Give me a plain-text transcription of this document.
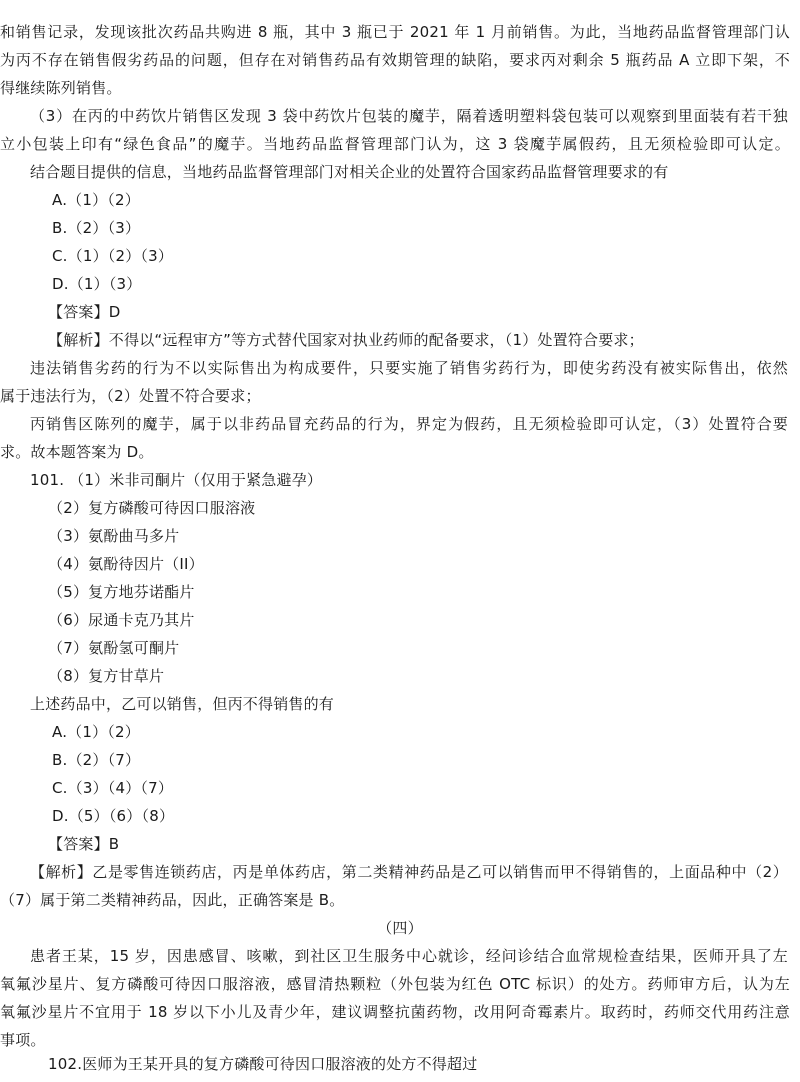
和销售记录，发现该批次药品共购进 8 瓶，其中 3 瓶已于 2021 年 1 月前销售。为此，当地药品监督管理部门认
为丙不存在销售假劣药品的问题，但存在对销售药品有效期管理的缺陷，要求丙对剩余 5 瓶药品 A 立即下架，不
得继续陈列销售。
（3）在丙的中药饮片销售区发现 3 袋中药饮片包装的魔芋，隔着透明塑料袋包装可以观察到里面装有若干独
立小包装上印有“绿色食品”的魔芋。当地药品监督管理部门认为，这 3 袋魔芋属假药，且无须检验即可认定。
结合题目提供的信息，当地药品监督管理部门对相关企业的处置符合国家药品监督管理要求的有
A.（1）（2）
B.（2）（3）
C.（1）（2）（3）
D.（1）（3）
【答案】D
【解析】不得以“远程审方”等方式替代国家对执业药师的配备要求，（1）处置符合要求；
违法销售劣药的行为不以实际售出为构成要件，只要实施了销售劣药行为，即使劣药没有被实际售出，依然
属于违法行为，（2）处置不符合要求；
丙销售区陈列的魔芋，属于以非药品冒充药品的行为，界定为假药，且无须检验即可认定，（3）处置符合要
求。故本题答案为 D。
101. （1）米非司酮片（仅用于紧急避孕）
（2）复方磷酸可待因口服溶液
（3）氨酚曲马多片
（4）氨酚待因片（II）
（5）复方地芬诺酯片
（6）尿通卡克乃其片
（7）氨酚氢可酮片
（8）复方甘草片
上述药品中，乙可以销售，但丙不得销售的有
A.（1）（2）
B.（2）（7）
C.（3）（4）（7）
D.（5）（6）（8）
【答案】B
【解析】乙是零售连锁药店，丙是单体药店，第二类精神药品是乙可以销售而甲不得销售的，上面品种中（2）
（7）属于第二类精神药品，因此，正确答案是 B。
（四）
患者王某，15 岁，因患感冒、咳嗽，到社区卫生服务中心就诊，经问诊结合血常规检查结果，医师开具了左
氧氟沙星片、复方磷酸可待因口服溶液，感冒清热颗粒（外包装为红色 OTC 标识）的处方。药师审方后，认为左
氧氟沙星片不宜用于 18 岁以下小儿及青少年，建议调整抗菌药物，改用阿奇霉素片。取药时，药师交代用药注意
事项。
102.医师为王某开具的复方磷酸可待因口服溶液的处方不得超过
